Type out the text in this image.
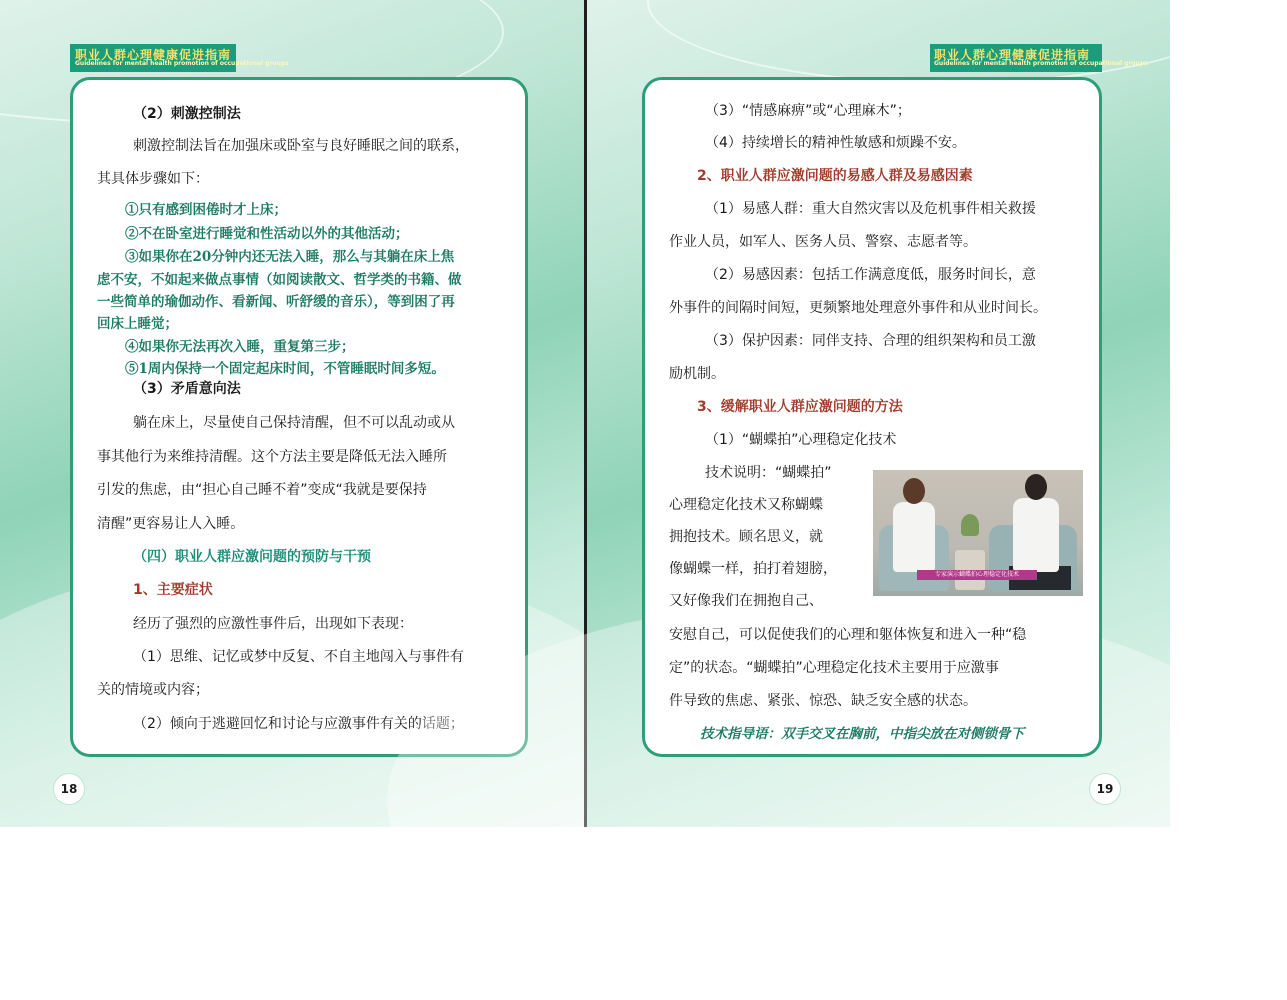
职业人群心理健康促进指南
Guidelines for mental health promotion of occupational groups
（2）刺激控制法
刺激控制法旨在加强床或卧室与良好睡眠之间的联系，
其具体步骤如下：
①只有感到困倦时才上床；
②不在卧室进行睡觉和性活动以外的其他活动；
③如果你在20分钟内还无法入睡，那么与其躺在床上焦
虑不安，不如起来做点事情（如阅读散文、哲学类的书籍、做
一些简单的瑜伽动作、看新闻、听舒缓的音乐），等到困了再
回床上睡觉；
④如果你无法再次入睡，重复第三步；
⑤1周内保持一个固定起床时间，不管睡眠时间多短。
（3）矛盾意向法
躺在床上，尽量使自己保持清醒，但不可以乱动或从
事其他行为来维持清醒。这个方法主要是降低无法入睡所
引发的焦虑，由“担心自己睡不着”变成“我就是要保持
清醒”更容易让人入睡。
（四）职业人群应激问题的预防与干预
1、主要症状
经历了强烈的应激性事件后，出现如下表现：
（1）思维、记忆或梦中反复、不自主地闯入与事件有
关的情境或内容；
（2）倾向于逃避回忆和讨论与应激事件有关的话题；
18
职业人群心理健康促进指南
Guidelines for mental health promotion of occupational groups
（3）“情感麻痹”或“心理麻木”；
（4）持续增长的精神性敏感和烦躁不安。
2、职业人群应激问题的易感人群及易感因素
（1）易感人群：重大自然灾害以及危机事件相关救援
作业人员，如军人、医务人员、警察、志愿者等。
（2）易感因素：包括工作满意度低，服务时间长，意
外事件的间隔时间短，更频繁地处理意外事件和从业时间长。
（3）保护因素：同伴支持、合理的组织架构和员工激
励机制。
3、缓解职业人群应激问题的方法
（1）“蝴蝶拍”心理稳定化技术
技术说明：“蝴蝶拍”
心理稳定化技术又称蝴蝶
拥抱技术。顾名思义，就
像蝴蝶一样，拍打着翅膀，
又好像我们在拥抱自己、
安慰自己，可以促使我们的心理和躯体恢复和进入一种“稳
定”的状态。“蝴蝶拍”心理稳定化技术主要用于应激事
件导致的焦虑、紧张、惊恐、缺乏安全感的状态。
技术指导语：双手交叉在胸前，中指尖放在对侧锁骨下
专家演示蝴蝶拍心理稳定化技术
19
